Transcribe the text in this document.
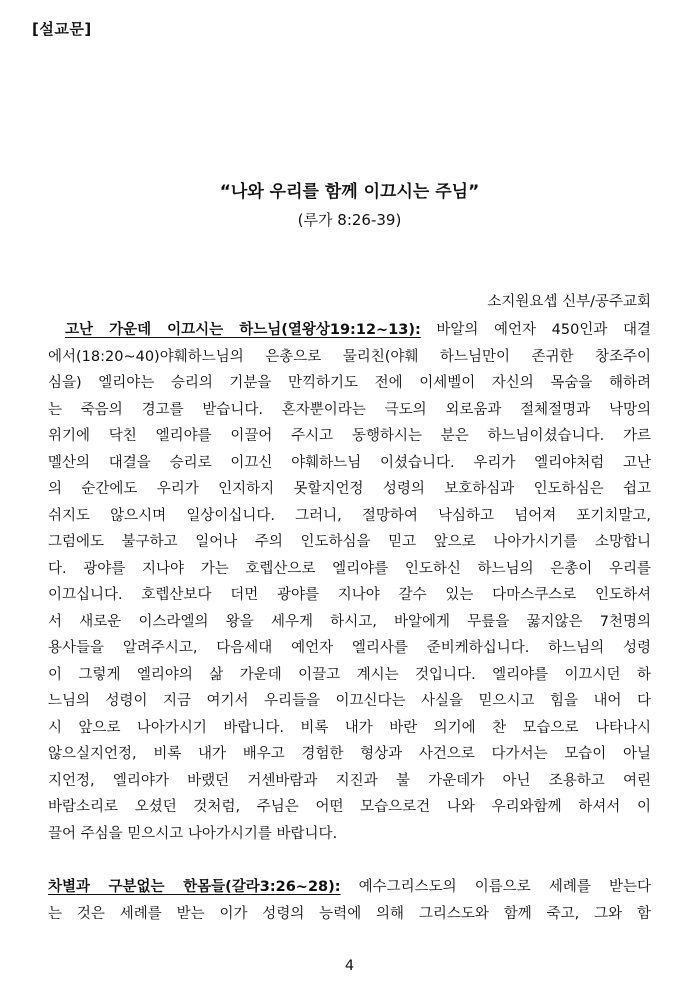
[설교문]
“나와 우리를 함께 이끄시는 주님”
(루가 8:26-39)
소지원요셉 신부/공주교회
고난 가운데 이끄시는 하느님(열왕상19:12~13): 바알의 예언자 450인과 대결
에서(18:20~40)야훼하느님의 은총으로 물리친(야훼 하느님만이 존귀한 창조주이
심을) 엘리야는 승리의 기분을 만끽하기도 전에 이세벨이 자신의 목숨을 해하려
는 죽음의 경고를 받습니다. 혼자뿐이라는 극도의 외로움과 절체절명과 낙망의
위기에 닥친 엘리야를 이끌어 주시고 동행하시는 분은 하느님이셨습니다. 가르
멜산의 대결을 승리로 이끄신 야훼하느님 이셨습니다. 우리가 엘리야처럼 고난
의 순간에도 우리가 인지하지 못할지언정 성령의 보호하심과 인도하심은 쉽고
쉬지도 않으시며 일상이십니다. 그러니, 절망하여 낙심하고 넘어져 포기치말고,
그럼에도 불구하고 일어나 주의 인도하심을 믿고 앞으로 나아가시기를 소망합니
다. 광야를 지나야 가는 호렙산으로 엘리야를 인도하신 하느님의 은총이 우리를
이끄십니다. 호렙산보다 더먼 광야를 지나야 갈수 있는 다마스쿠스로 인도하셔
서 새로운 이스라엘의 왕을 세우게 하시고, 바알에게 무릎을 꿇지않은 7천명의
용사들을 알려주시고, 다음세대 예언자 엘리사를 준비케하십니다. 하느님의 성령
이 그렇게 엘리야의 삶 가운데 이끌고 계시는 것입니다. 엘리야를 이끄시던 하
느님의 성령이 지금 여기서 우리들을 이끄신다는 사실을 믿으시고 힘을 내어 다
시 앞으로 나아가시기 바랍니다. 비록 내가 바란 의기에 찬 모습으로 나타나시
않으실지언정, 비록 내가 배우고 경험한 형상과 사건으로 다가서는 모습이 아닐
지언정, 엘리야가 바랬던 거센바람과 지진과 불 가운데가 아닌 조용하고 여린
바람소리로 오셨던 것처럼, 주님은 어떤 모습으로건 나와 우리와함께 하셔서 이
끌어 주심을 믿으시고 나아가시기를 바랍니다.
차별과 구분없는 한몸들(갈라3:26~28): 예수그리스도의 이름으로 세례를 받는다
는 것은 세례를 받는 이가 성령의 능력에 의해 그리스도와 함께 죽고, 그와 함
4
